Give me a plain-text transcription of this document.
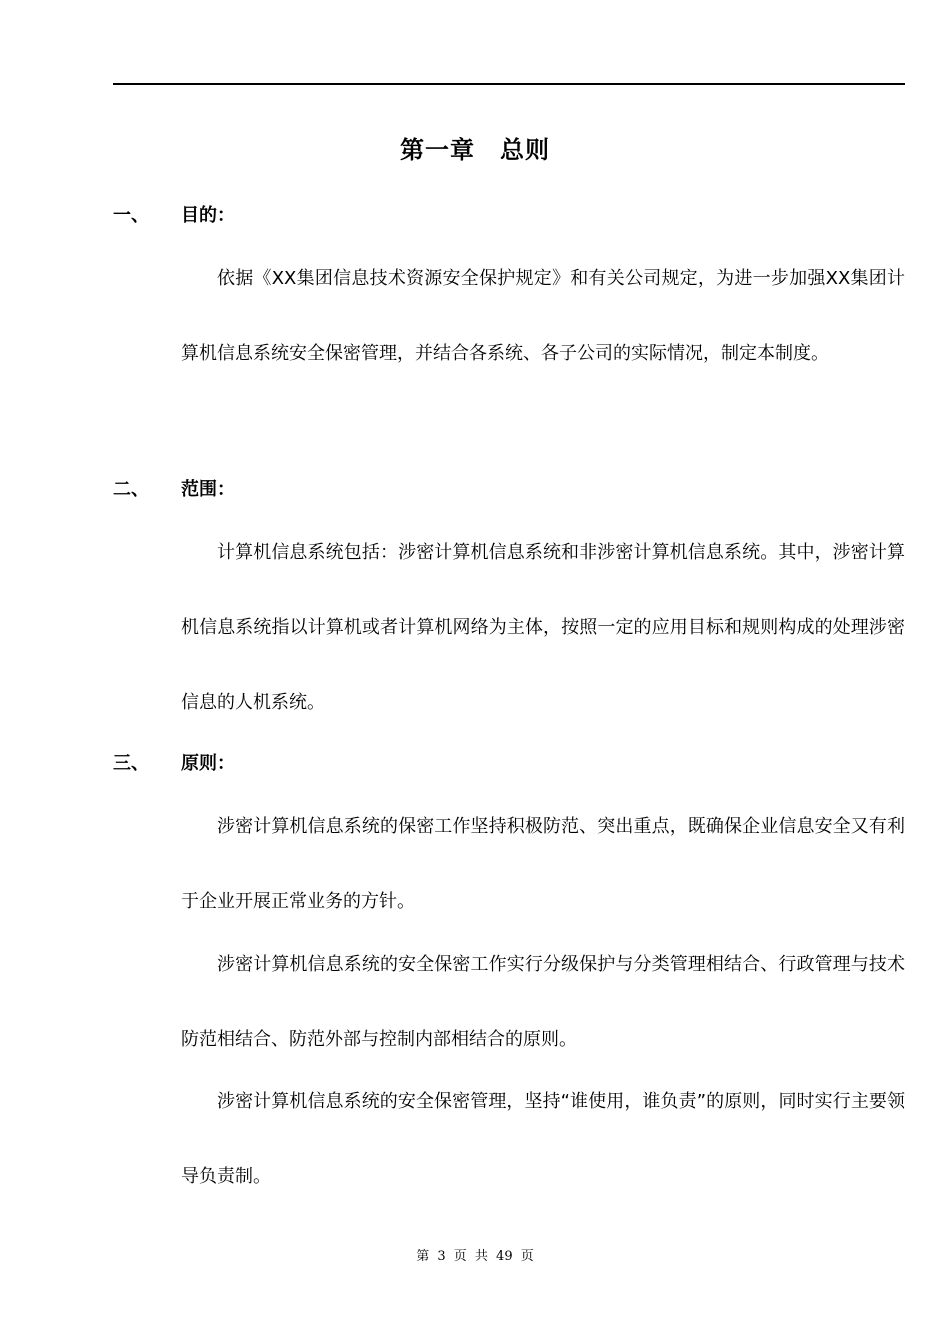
第一章　总则
一、	目的：

依据《XX集团信息技术资源安全保护规定》和有关公司规定，为进一步加强XX集团计算机信息系统安全保密管理，并结合各系统、各子公司的实际情况，制定本制度。

二、	范围：

计算机信息系统包括：涉密计算机信息系统和非涉密计算机信息系统。其中，涉密计算机信息系统指以计算机或者计算机网络为主体，按照一定的应用目标和规则构成的处理涉密信息的人机系统。

三、	原则：

涉密计算机信息系统的保密工作坚持积极防范、突出重点，既确保企业信息安全又有利于企业开展正常业务的方针。

涉密计算机信息系统的安全保密工作实行分级保护与分类管理相结合、行政管理与技术防范相结合、防范外部与控制内部相结合的原则。

涉密计算机信息系统的安全保密管理，坚持“谁使用，谁负责”的原则，同时实行主要领导负责制。

第 3 页 共 49 页
